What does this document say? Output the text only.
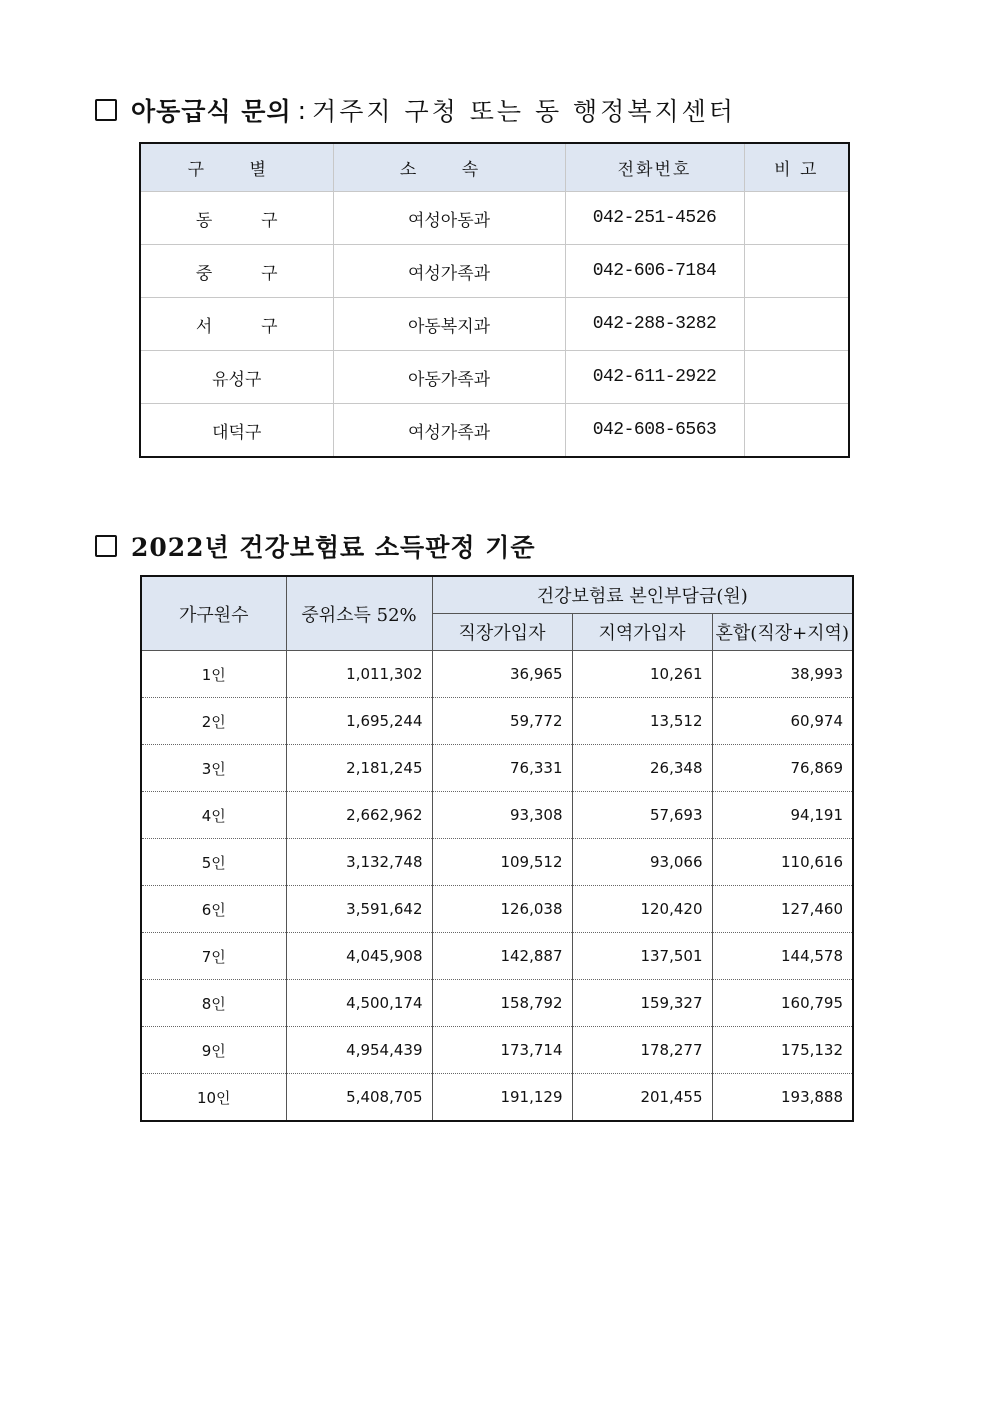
아동급식 문의 : 거주지 구청 또는 동 행정복지센터
구 별	소 속	전화번호	비 고
동 구	여성아동과	042-251-4526	
중 구	여성가족과	042-606-7184	
서 구	아동복지과	042-288-3282	
유성구	아동가족과	042-611-2922	
대덕구	여성가족과	042-608-6563	
2022년 건강보험료 소득판정 기준
가구원수	중위소득 52%	건강보험료 본인부담금(원)		
		직장가입자	지역가입자	혼합(직장+지역)
1인	1,011,302	36,965	10,261	38,993
2인	1,695,244	59,772	13,512	60,974
3인	2,181,245	76,331	26,348	76,869
4인	2,662,962	93,308	57,693	94,191
5인	3,132,748	109,512	93,066	110,616
6인	3,591,642	126,038	120,420	127,460
7인	4,045,908	142,887	137,501	144,578
8인	4,500,174	158,792	159,327	160,795
9인	4,954,439	173,714	178,277	175,132
10인	5,408,705	191,129	201,455	193,888
